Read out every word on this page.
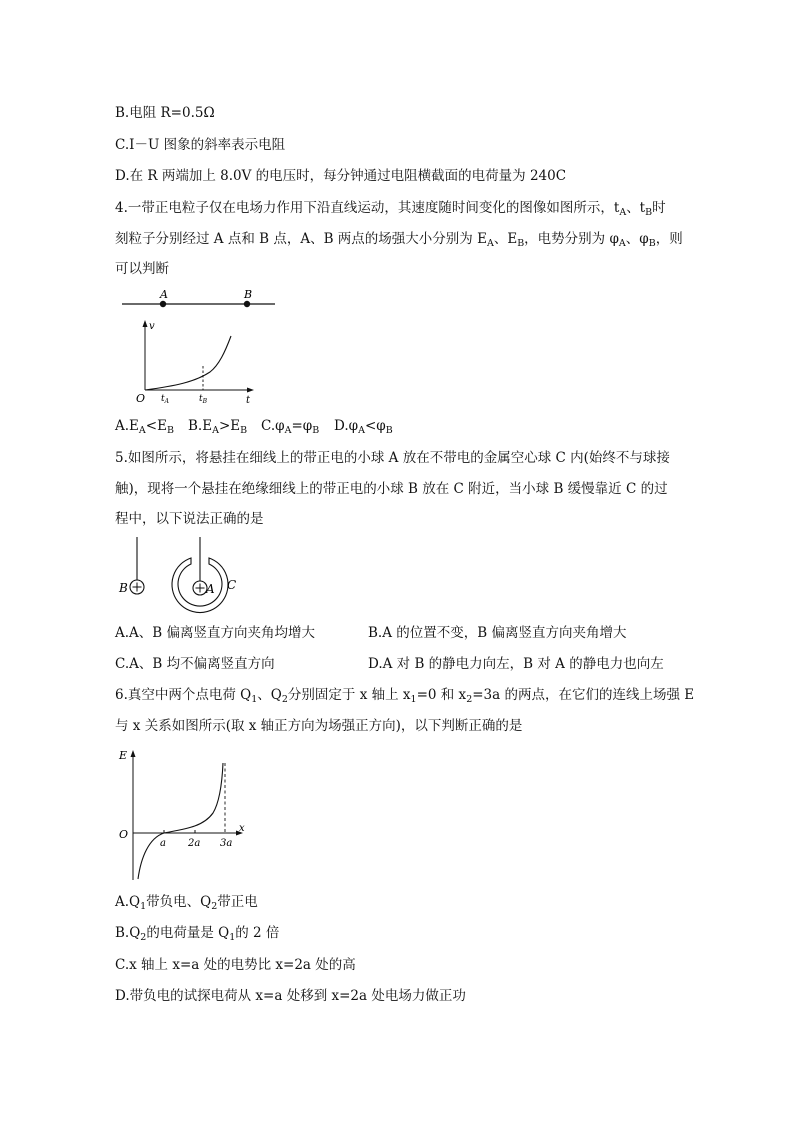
B.电阻 R=0.5Ω
C.I－U 图象的斜率表示电阻
D.在 R 两端加上 8.0V 的电压时，每分钟通过电阻横截面的电荷量为 240C
4.一带正电粒子仅在电场力作用下沿直线运动，其速度随时间变化的图像如图所示，$t_A$、$t_B$时
刻粒子分别经过 A 点和 B 点，A、B 两点的场强大小分别为 $E_A$、$E_B$，电势分别为 $\varphi_A$、$\varphi_B$，则
可以判断
A	B
v
t
O $t_A$	$t_B$
$A.E_A<E_B$ $B.E_A>E_B$ $C.\varphi_A=\varphi_B$ $D.\varphi_A<\varphi_B$
5.如图所示，将悬挂在细线上的带正电的小球 A 放在不带电的金属空心球 C 内(始终不与球接
触)，现将一个悬挂在绝缘细线上的带正电的小球 B 放在 C 附近，当小球 B 缓慢靠近 C 的过
程中，以下说法正确的是
B	A C
A.A、B 偏离竖直方向夹角均增大	B.A 的位置不变，B 偏离竖直方向夹角增大
C.A、B 均不偏离竖直方向	D.A 对 B 的静电力向左，B 对 A 的静电力也向左
6.真空中两个点电荷 $Q_1$、$Q_2$分别固定于 x 轴上 $x_1=0$ 和 $x_2=3a$ 的两点，在它们的连线上场强 E
与 x 关系如图所示(取 x 轴正方向为场强正方向)，以下判断正确的是
E
x
O
a 2a 3a
$A.Q_1$带负电、$Q_2$带正电
$B.Q_2$的电荷量是 $Q_1$的 2 倍
C.x 轴上 x=a 处的电势比 x=2a 处的高
D.带负电的试探电荷从 x=a 处移到 x=2a 处电场力做正功
